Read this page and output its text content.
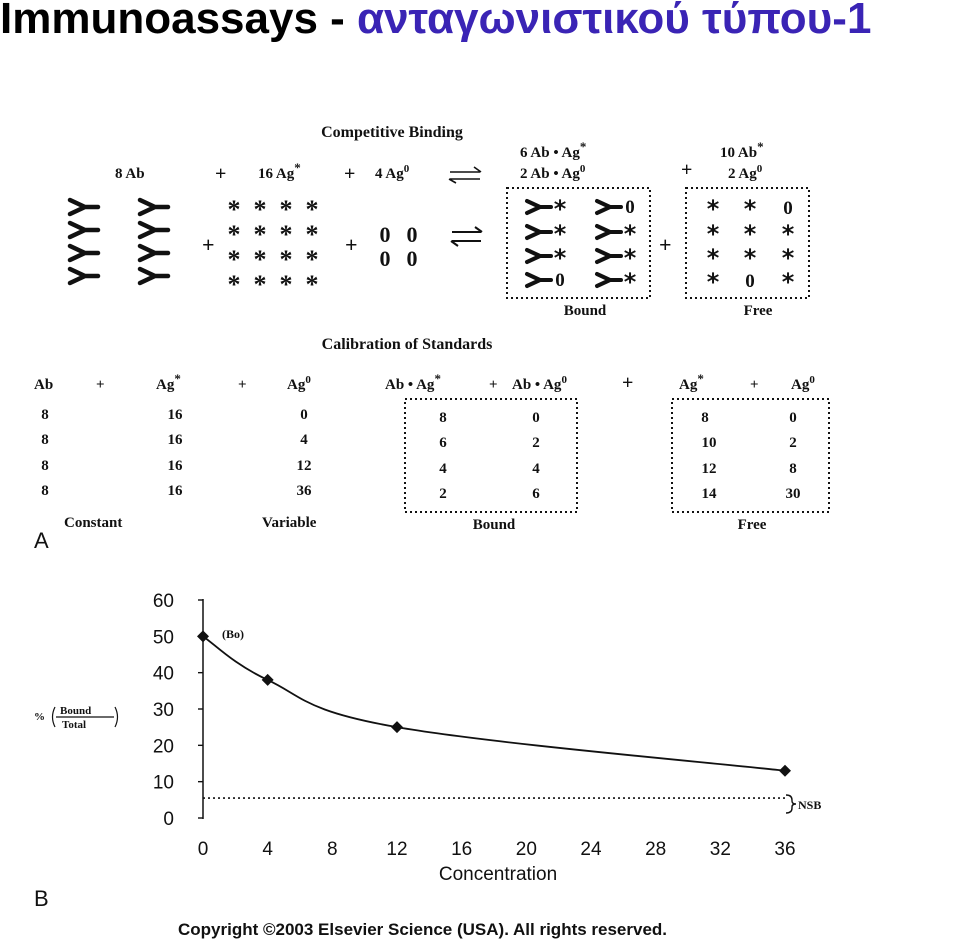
Immunoassays - ανταγωνιστικού τύπου-1
Competitive Binding
8 Ab	+ 16 Ag* + 4 Ag$^0$
6 Ab • Ag*
2 Ab • $Ag^0$	+
10 Ab*
2 $Ag^0$
+
* * * *
* * * *
* * * *
* * * *
+ 0 0
0 0
*	0
* *
* *
0 *
Bound
+
* * 0
* * *
* * *
* 0 *
Free
Calibration of Standards
Ab	+	Ag*	+	$Ag^0$	Ab • Ag*	+ Ab • $Ag^0$	+	Ag*	+ $Ag^0$
8	16	0	8	0	8	0
8	16	4	6	2	10	2
8	16	12	4	4	12	8
8	16	36	2	6	14	30
Constant	Variable	Bound	Free
A
% Bound
Total
0
10
20
30
40
50
60
0	4	8	12 16 20 24 28 32 36
NSB
(Bo)
Concentration
B

Copyright ©2003 Elsevier Science (USA). All rights reserved.
